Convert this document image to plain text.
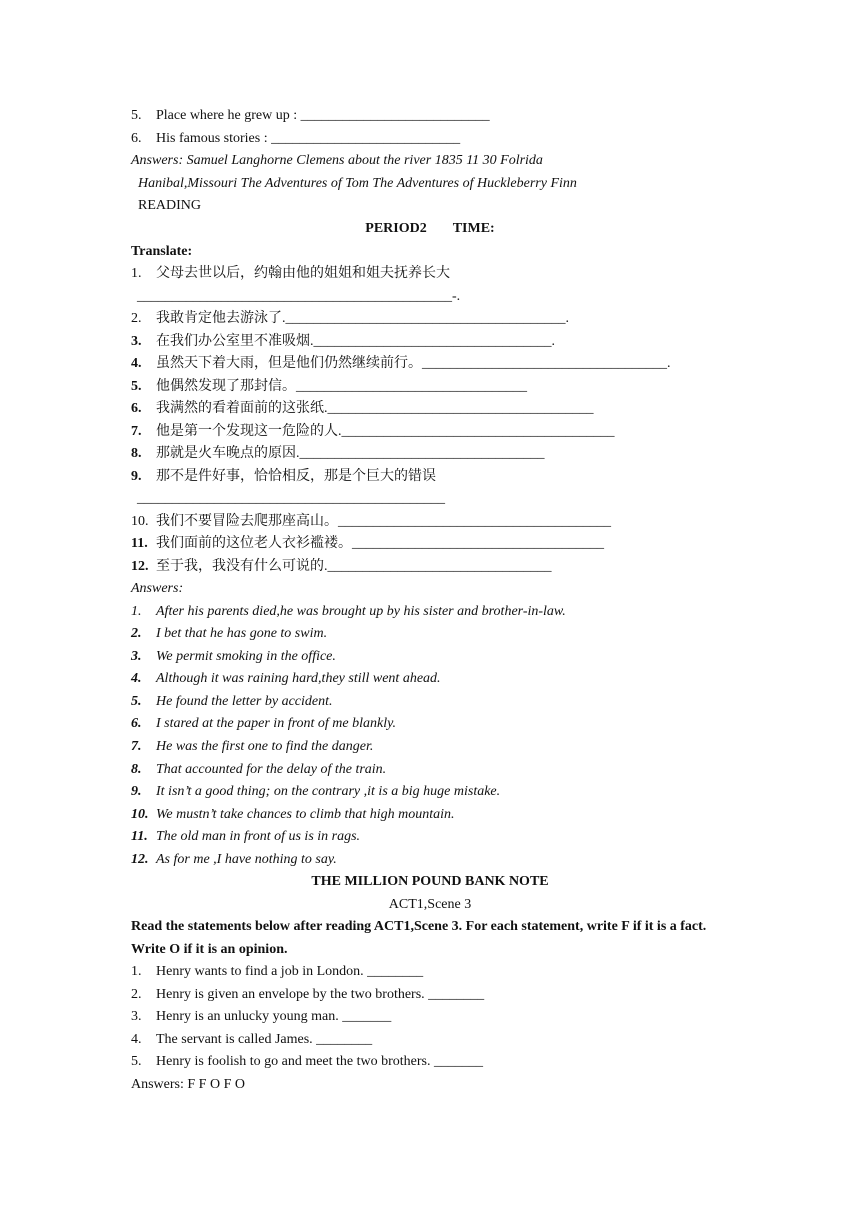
5. Place where he grew up : ___________________________
6. His famous stories : ___________________________
Answers: Samuel Langhorne Clemens about the river 1835 11 30 Folrida
Hanibal,Missouri The Adventures of Tom The Adventures of Huckleberry Finn
READING
PERIOD2 TIME:
Translate:
1. 父母去世以后，约翰由他的姐姐和姐夫抚养长大
_____________________________________________-.
2. 我敢肯定他去游泳了.________________________________________.
3. 在我们办公室里不准吸烟.__________________________________.
4. 虽然天下着大雨，但是他们仍然继续前行。___________________________________.
5. 他偶然发现了那封信。_________________________________
6. 我满然的看着面前的这张纸.______________________________________
7. 他是第一个发现这一危险的人._______________________________________
8. 那就是火车晚点的原因.___________________________________
9. 那不是件好事，恰恰相反，那是个巨大的错误
____________________________________________
10. 我们不要冒险去爬那座高山。_______________________________________
11. 我们面前的这位老人衣衫褴褛。____________________________________
12. 至于我，我没有什么可说的.________________________________
Answers:
1. After his parents died,he was brought up by his sister and brother-in-law.
2. I bet that he has gone to swim.
3. We permit smoking in the office.
4. Although it was raining hard,they still went ahead.
5. He found the letter by accident.
6. I stared at the paper in front of me blankly.
7. He was the first one to find the danger.
8. That accounted for the delay of the train.
9. It isn’t a good thing; on the contrary ,it is a big huge mistake.
10. We mustn’t take chances to climb that high mountain.
11. The old man in front of us is in rags.
12. As for me ,I have nothing to say.
THE MILLION POUND BANK NOTE
ACT1,Scene 3
Read the statements below after reading ACT1,Scene 3. For each statement, write F if it is a fact. Write O if it is an opinion.
1. Henry wants to find a job in London. ________
2. Henry is given an envelope by the two brothers. ________
3. Henry is an unlucky young man. _______
4. The servant is called James. ________
5. Henry is foolish to go and meet the two brothers. _______
Answers: F F O F O
